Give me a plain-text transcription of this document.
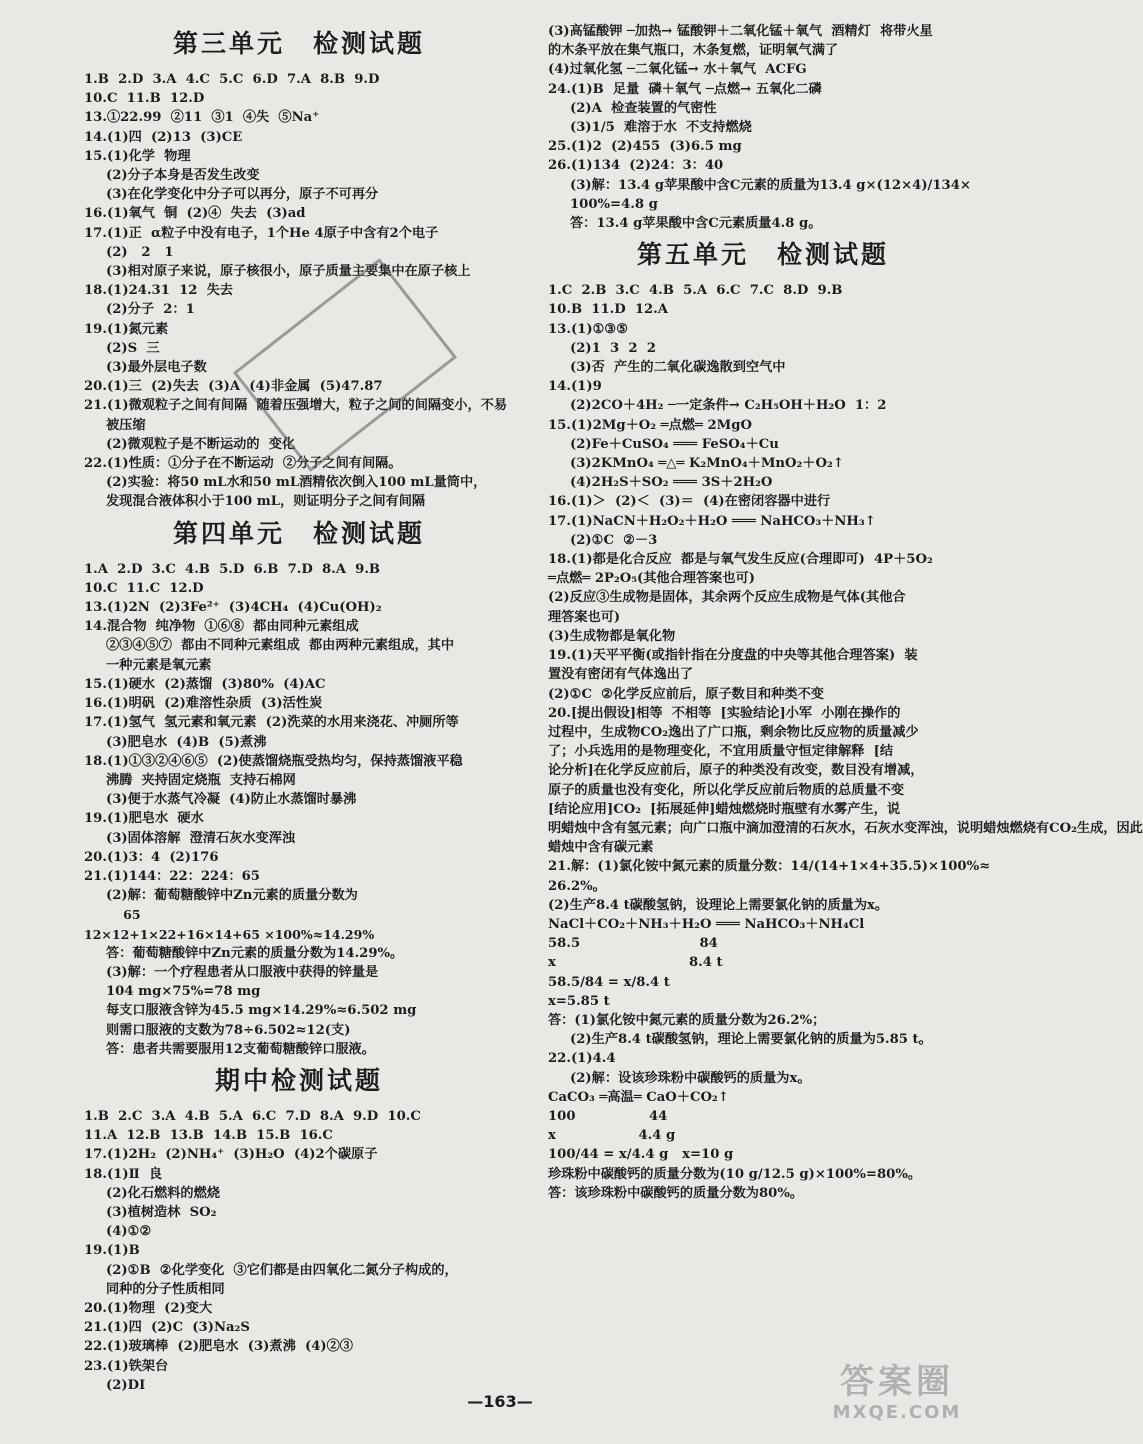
第三单元　检测试题
1.B  2.D  3.A  4.C  5.C  6.D  7.A  8.B  9.D
10.C  11.B  12.D
13.①22.99  ②11  ③1  ④失  ⑤Na⁺
14.(1)四  (2)13  (3)CE
15.(1)化学  物理
(2)分子本身是否发生改变
(3)在化学变化中分子可以再分，原子不可再分
16.(1)氧气  铜  (2)④  失去  (3)ad
17.(1)正  α粒子中没有电子，1个He 4原子中含有2个电子
(2)   2   1
(3)相对原子来说，原子核很小，原子质量主要集中在原子核上
18.(1)24.31  12  失去
(2)分子  2：1
19.(1)氮元素
(2)S  三
(3)最外层电子数
20.(1)三  (2)失去  (3)A  (4)非金属  (5)47.87
21.(1)微观粒子之间有间隔  随着压强增大，粒子之间的间隔变小，不易
被压缩
(2)微观粒子是不断运动的  变化
22.(1)性质：①分子在不断运动  ②分子之间有间隔。
(2)实验：将50 mL水和50 mL酒精依次倒入100 mL量筒中，
发现混合液体积小于100 mL，则证明分子之间有间隔
第四单元　检测试题
1.A  2.D  3.C  4.B  5.D  6.B  7.D  8.A  9.B
10.C  11.C  12.D
13.(1)2N  (2)3Fe²⁺  (3)4CH₄  (4)Cu(OH)₂
14.混合物  纯净物  ①⑥⑧  都由同种元素组成
②③④⑤⑦  都由不同种元素组成  都由两种元素组成，其中
一种元素是氧元素
15.(1)硬水  (2)蒸馏  (3)80%  (4)AC
16.(1)明矾  (2)难溶性杂质  (3)活性炭
17.(1)氢气  氢元素和氧元素  (2)洗菜的水用来浇花、冲厕所等
(3)肥皂水  (4)B  (5)煮沸
18.(1)①③②④⑥⑤  (2)使蒸馏烧瓶受热均匀，保持蒸馏液平稳
沸腾  夹持固定烧瓶  支持石棉网
(3)便于水蒸气冷凝  (4)防止水蒸馏时暴沸
19.(1)肥皂水  硬水
(3)固体溶解  澄清石灰水变浑浊
20.(1)3：4  (2)176
21.(1)144：22：224：65
(2)解：葡萄糖酸锌中Zn元素的质量分数为
65
12×12+1×22+16×14+65 ×100%≈14.29%
答：葡萄糖酸锌中Zn元素的质量分数为14.29%。
(3)解：一个疗程患者从口服液中获得的锌量是
104 mg×75%=78 mg
每支口服液含锌为45.5 mg×14.29%≈6.502 mg
则需口服液的支数为78÷6.502≈12(支)
答：患者共需要服用12支葡萄糖酸锌口服液。
期中检测试题
1.B  2.C  3.A  4.B  5.A  6.C  7.D  8.A  9.D  10.C
11.A  12.B  13.B  14.B  15.B  16.C
17.(1)2H₂  (2)NH₄⁺  (3)H₂O  (4)2个碳原子
18.(1)Ⅱ  良
(2)化石燃料的燃烧
(3)植树造林  SO₂
(4)①②
19.(1)B
(2)①B  ②化学变化  ③它们都是由四氧化二氮分子构成的，
同种的分子性质相同
20.(1)物理  (2)变大
21.(1)四  (2)C  (3)Na₂S
22.(1)玻璃棒  (2)肥皂水  (3)煮沸  (4)②③
23.(1)铁架台
(2)DI
(3)高锰酸钾 ─加热→ 锰酸钾＋二氧化锰＋氧气  酒精灯  将带火星
的木条平放在集气瓶口，木条复燃，证明氧气满了
(4)过氧化氢 ─二氧化锰→ 水＋氧气  ACFG
24.(1)B  足量  磷＋氧气 ─点燃→ 五氧化二磷
(2)A  检查装置的气密性
(3)1/5  难溶于水  不支持燃烧
25.(1)2  (2)455  (3)6.5 mg
26.(1)134  (2)24：3：40
(3)解：13.4 g苹果酸中含C元素的质量为13.4 g×(12×4)/134×
100%=4.8 g
答：13.4 g苹果酸中含C元素质量4.8 g。
第五单元　检测试题
1.C  2.B  3.C  4.B  5.A  6.C  7.C  8.D  9.B
10.B  11.D  12.A
13.(1)①③⑤
(2)1  3  2  2
(3)否  产生的二氧化碳逸散到空气中
14.(1)9
(2)2CO＋4H₂ ─一定条件→ C₂H₅OH＋H₂O  1：2
15.(1)2Mg＋O₂ ═点燃═ 2MgO
(2)Fe＋CuSO₄ ═══ FeSO₄＋Cu
(3)2KMnO₄ ═△═ K₂MnO₄＋MnO₂＋O₂↑
(4)2H₂S＋SO₂ ═══ 3S＋2H₂O
16.(1)＞  (2)＜  (3)＝  (4)在密闭容器中进行
17.(1)NaCN＋H₂O₂＋H₂O ═══ NaHCO₃＋NH₃↑
(2)①C  ②－3
18.(1)都是化合反应  都是与氧气发生反应(合理即可)  4P＋5O₂
═点燃═ 2P₂O₅(其他合理答案也可)
(2)反应③生成物是固体，其余两个反应生成物是气体(其他合
理答案也可)
(3)生成物都是氧化物
19.(1)天平平衡(或指针指在分度盘的中央等其他合理答案)  装
置没有密闭有气体逸出了
(2)①C  ②化学反应前后，原子数目和种类不变
20.[提出假设]相等  不相等  [实验结论]小军  小刚在操作的
过程中，生成物CO₂逸出了广口瓶，剩余物比反应物的质量减少
了；小兵选用的是物理变化，不宜用质量守恒定律解释  [结
论分析]在化学反应前后，原子的种类没有改变，数目没有增减，
原子的质量也没有变化，所以化学反应前后物质的总质量不变
[结论应用]CO₂  [拓展延伸]蜡烛燃烧时瓶壁有水雾产生，说
明蜡烛中含有氢元素；向广口瓶中滴加澄清的石灰水，石灰水变浑浊，说明蜡烛燃烧有CO₂生成，因此
蜡烛中含有碳元素
21.解：(1)氯化铵中氮元素的质量分数：14/(14+1×4+35.5)×100%≈
26.2%。
(2)生产8.4 t碳酸氢钠，设理论上需要氯化钠的质量为x。
NaCl＋CO₂＋NH₃＋H₂O ═══ NaHCO₃＋NH₄Cl
58.5                          84
x                             8.4 t
58.5/84 = x/8.4 t
x=5.85 t
答：(1)氯化铵中氮元素的质量分数为26.2%；
(2)生产8.4 t碳酸氢钠，理论上需要氯化钠的质量为5.85 t。
22.(1)4.4
(2)解：设该珍珠粉中碳酸钙的质量为x。
CaCO₃ ═高温═ CaO＋CO₂↑
100                44
x                  4.4 g
100/44 = x/4.4 g   x=10 g
珍珠粉中碳酸钙的质量分数为(10 g/12.5 g)×100%=80%。
答：该珍珠粉中碳酸钙的质量分数为80%。
—163—	答案圈
MXQE.COM
